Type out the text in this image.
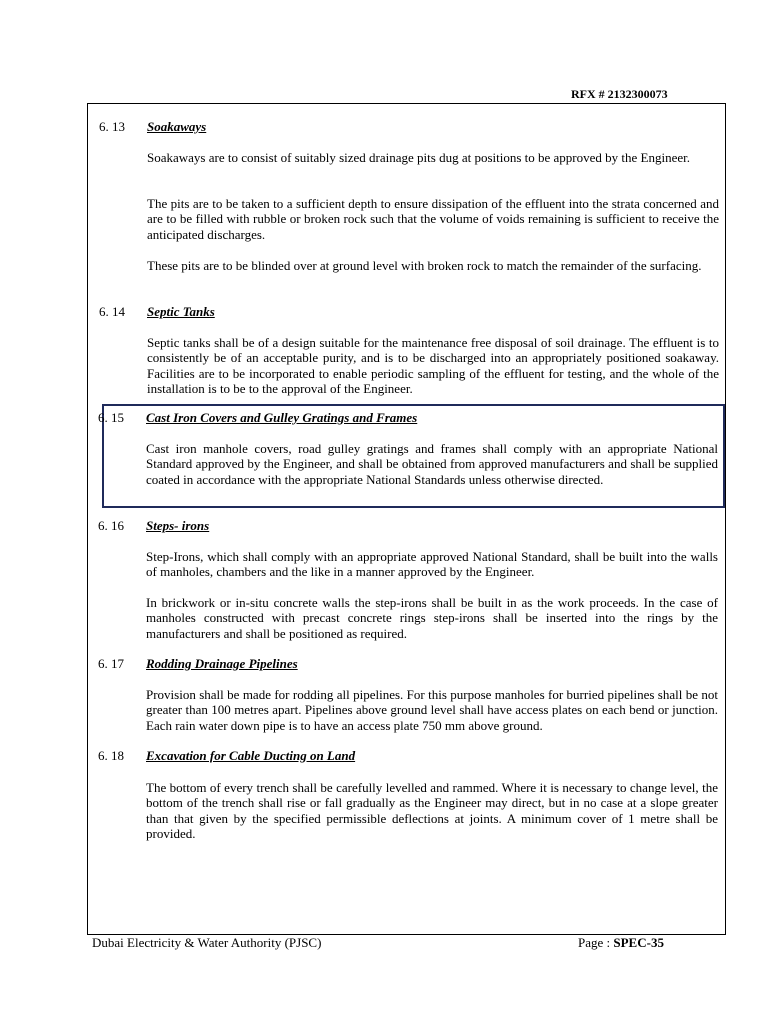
RFX # 2132300073
6. 13 Soakaways
Soakaways are to consist of suitably sized drainage pits dug at positions to be approved by the Engineer.
The pits are to be taken to a sufficient depth to ensure dissipation of the effluent into the strata concerned and are to be filled with rubble or broken rock such that the volume of voids remaining is sufficient to receive the anticipated discharges.
These pits are to be blinded over at ground level with broken rock to match the remainder of the surfacing.
6. 14 Septic Tanks
Septic tanks shall be of a design suitable for the maintenance free disposal of soil drainage. The effluent is to consistently be of an acceptable purity, and is to be discharged into an appropriately positioned soakaway. Facilities are to be incorporated to enable periodic sampling of the effluent for testing, and the whole of the installation is to be to the approval of the Engineer.
6. 15 Cast Iron Covers and Gulley Gratings and Frames
Cast iron manhole covers, road gulley gratings and frames shall comply with an appropriate National Standard approved by the Engineer, and shall be obtained from approved manufacturers and shall be supplied coated in accordance with the appropriate National Standards unless otherwise directed.
6. 16 Steps- irons
Step-Irons, which shall comply with an appropriate approved National Standard, shall be built into the walls of manholes, chambers and the like in a manner approved by the Engineer.
In brickwork or in-situ concrete walls the step-irons shall be built in as the work proceeds. In the case of manholes constructed with precast concrete rings step-irons shall be inserted into the rings by the manufacturers and shall be positioned as required.
6. 17 Rodding Drainage Pipelines
Provision shall be made for rodding all pipelines. For this purpose manholes for burried pipelines shall be not greater than 100 metres apart. Pipelines above ground level shall have access plates on each bend or junction. Each rain water down pipe is to have an access plate 750 mm above ground.
6. 18 Excavation for Cable Ducting on Land
The bottom of every trench shall be carefully levelled and rammed. Where it is necessary to change level, the bottom of the trench shall rise or fall gradually as the Engineer may direct, but in no case at a slope greater than that given by the specified permissible deflections at joints. A minimum cover of 1 metre shall be provided.
Dubai Electricity & Water Authority (PJSC)	Page : SPEC-35
